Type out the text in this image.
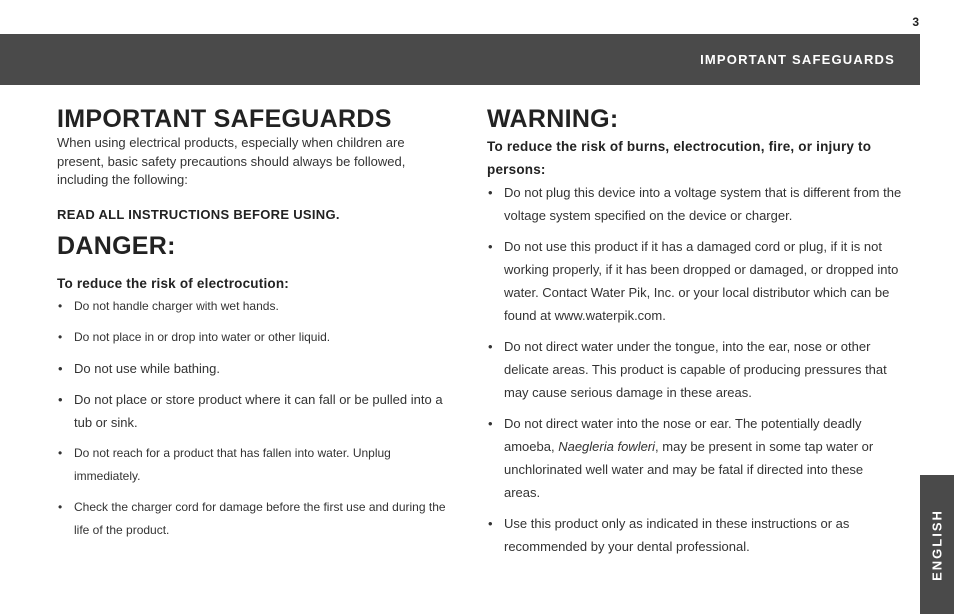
3
IMPORTANT SAFEGUARDS
ENGLISH
IMPORTANT SAFEGUARDS

When using electrical products, especially when children are present, basic safety precautions should always be followed, including the following:

READ ALL INSTRUCTIONS BEFORE USING.

DANGER:
To reduce the risk of electrocution:
• Do not handle charger with wet hands.
• Do not place in or drop into water or other liquid.
• Do not use while bathing.
• Do not place or store product where it can fall or be pulled into a tub or sink.
• Do not reach for a product that has fallen into water. Unplug immediately.
• Check the charger cord for damage before the first use and during the life of the product.
WARNING:
To reduce the risk of burns, electrocution, fire, or injury to persons:
• Do not plug this device into a voltage system that is different from the voltage system specified on the device or charger.
• Do not use this product if it has a damaged cord or plug, if it is not working properly, if it has been dropped or damaged, or dropped into water. Contact Water Pik, Inc. or your local distributor which can be found at www.waterpik.com.
• Do not direct water under the tongue, into the ear, nose or other delicate areas. This product is capable of producing pressures that may cause serious damage in these areas.
• Do not direct water into the nose or ear. The potentially deadly amoeba, Naegleria fowleri, may be present in some tap water or unchlorinated well water and may be fatal if directed into these areas.
• Use this product only as indicated in these instructions or as recommended by your dental professional.
